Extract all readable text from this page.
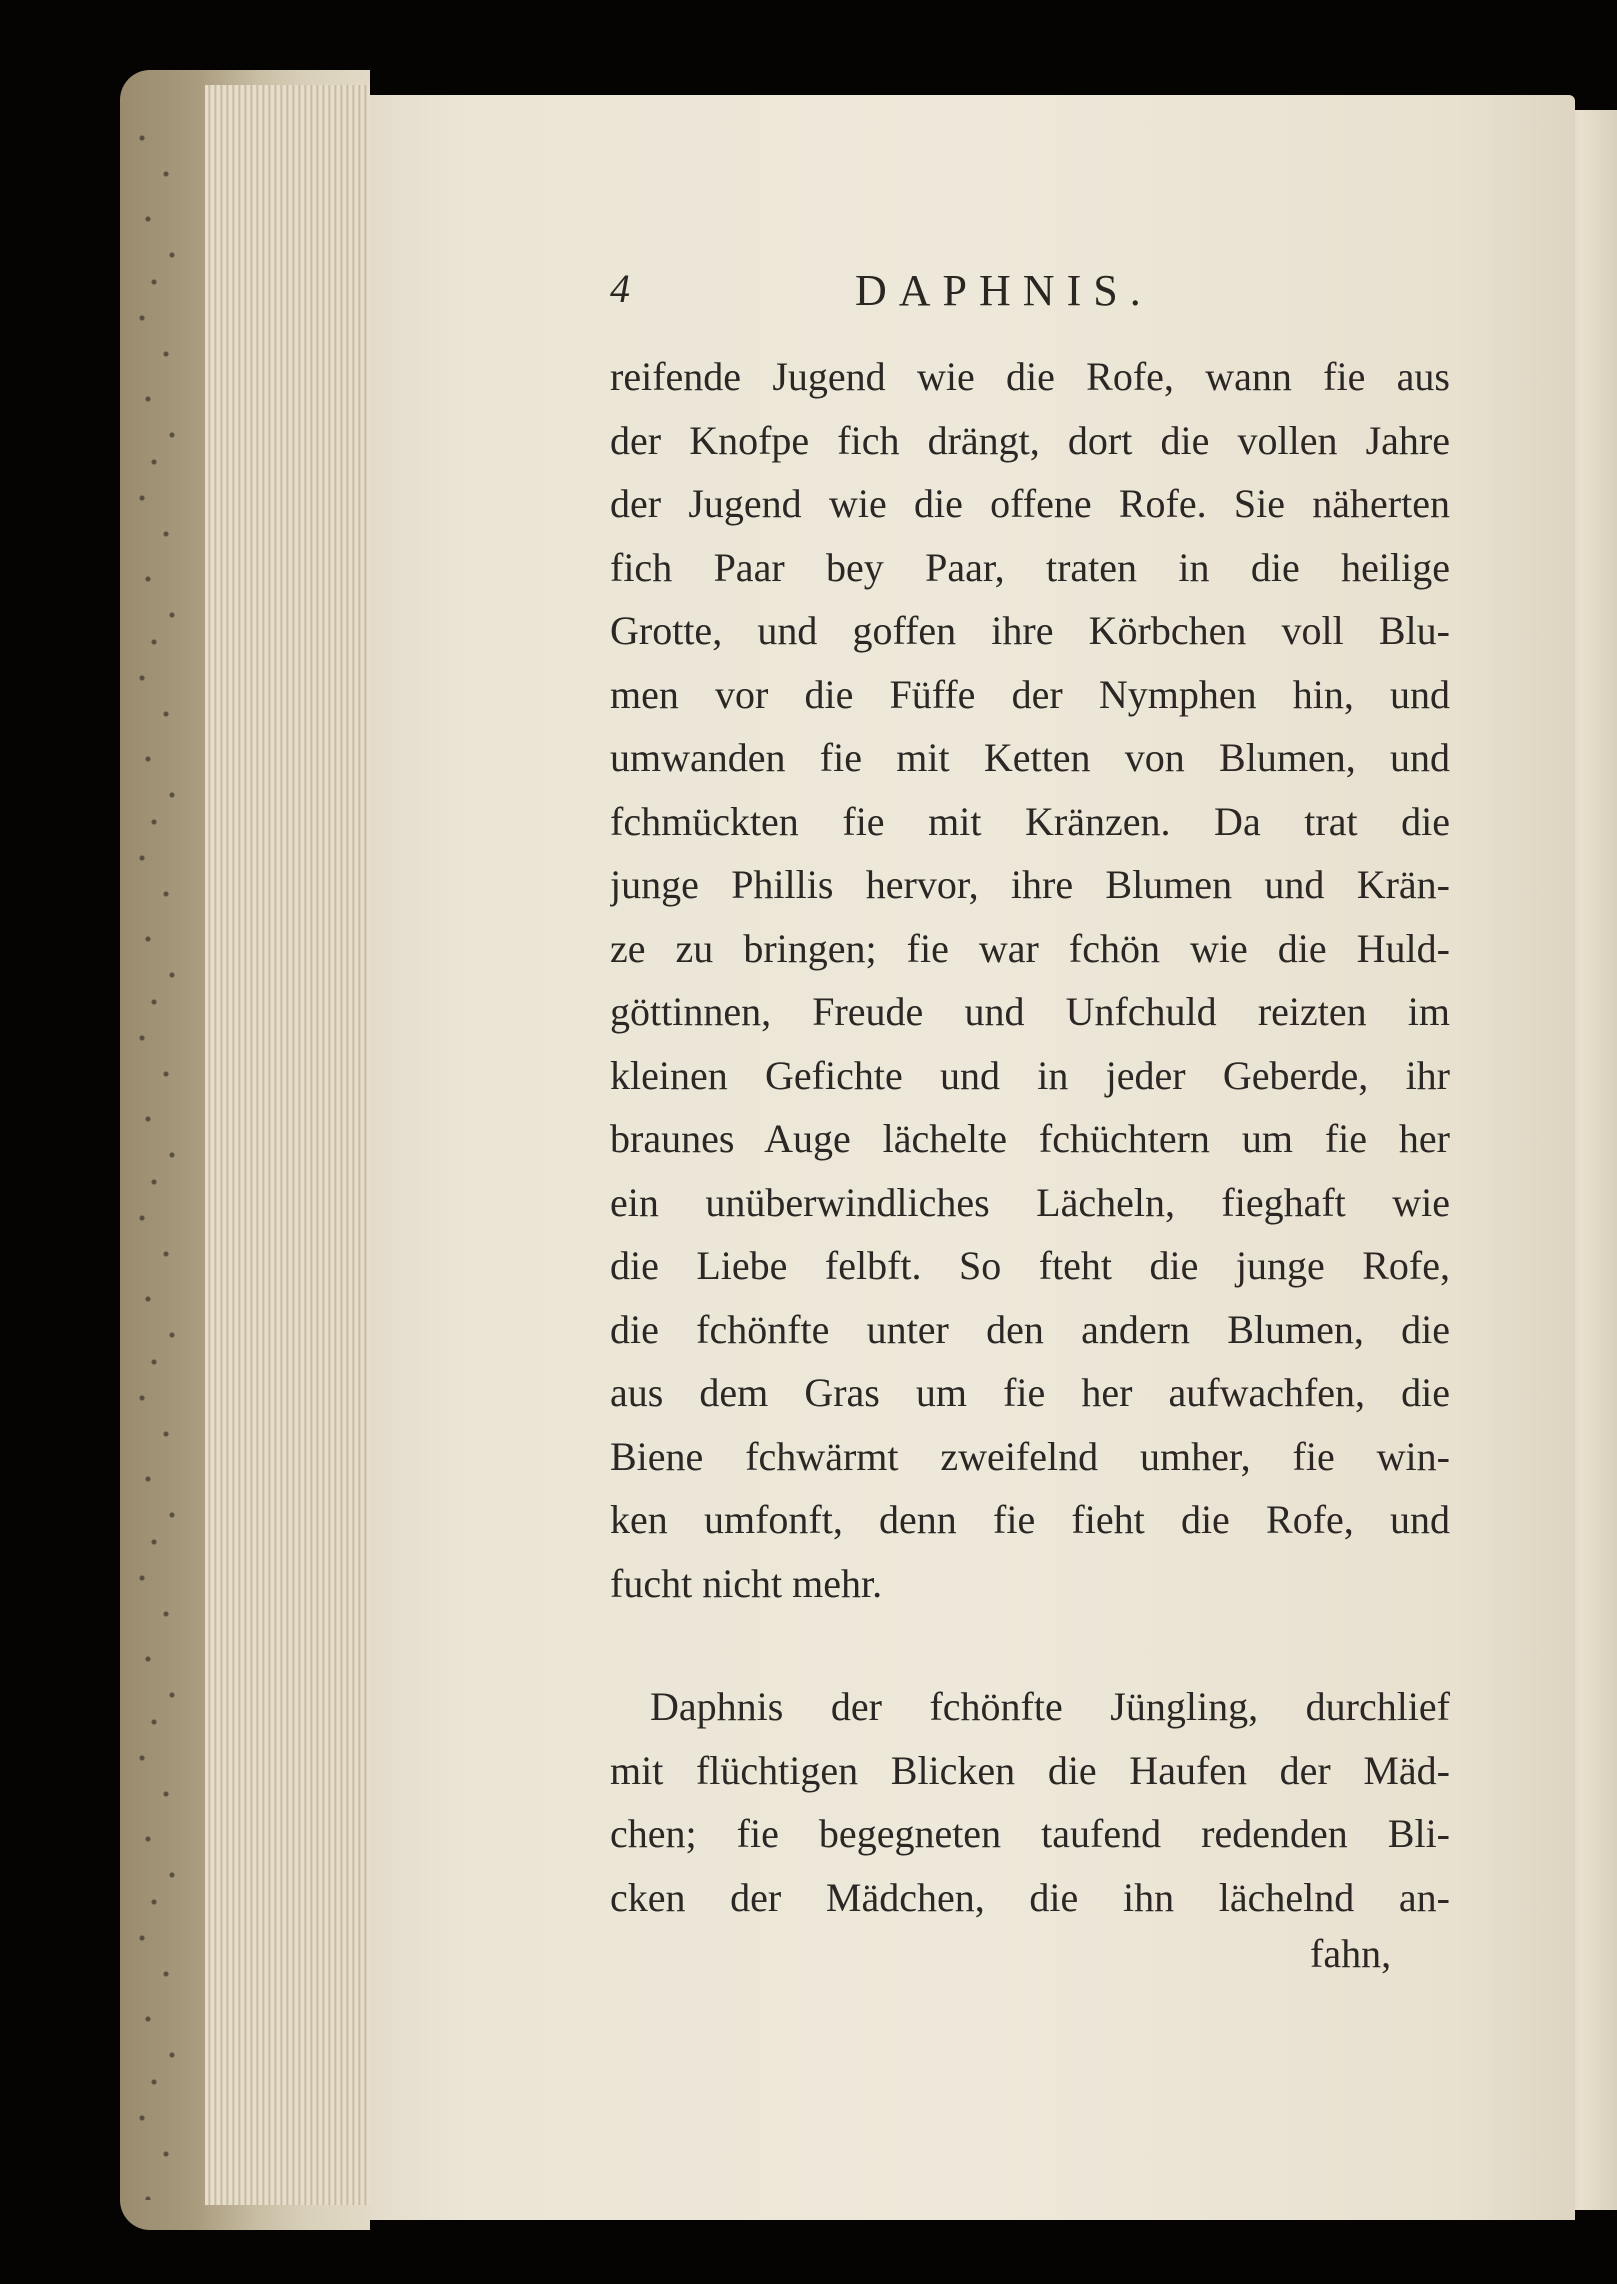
4	DAPHNIS.
reifende Jugend wie die Rofe, wann fie aus
der Knofpe fich drängt, dort die vollen Jahre
der Jugend wie die offene Rofe. Sie näherten
fich Paar bey Paar, traten in die heilige
Grotte, und goffen ihre Körbchen voll Blu-
men vor die Füffe der Nymphen hin, und
umwanden fie mit Ketten von Blumen, und
fchmückten fie mit Kränzen. Da trat die
junge Phillis hervor, ihre Blumen und Krän-
ze zu bringen; fie war fchön wie die Huld-
göttinnen, Freude und Unfchuld reizten im
kleinen Gefichte und in jeder Geberde, ihr
braunes Auge lächelte fchüchtern um fie her
ein unüberwindliches Lächeln, fieghaft wie
die Liebe felbft. So fteht die junge Rofe,
die fchönfte unter den andern Blumen, die
aus dem Gras um fie her aufwachfen, die
Biene fchwärmt zweifelnd umher, fie win-
ken umfonft, denn fie fieht die Rofe, und
fucht nicht mehr.
Daphnis der fchönfte Jüngling, durchlief
mit flüchtigen Blicken die Haufen der Mäd-
chen; fie begegneten taufend redenden Bli-
cken der Mädchen, die ihn lächelnd an-
fahn,
